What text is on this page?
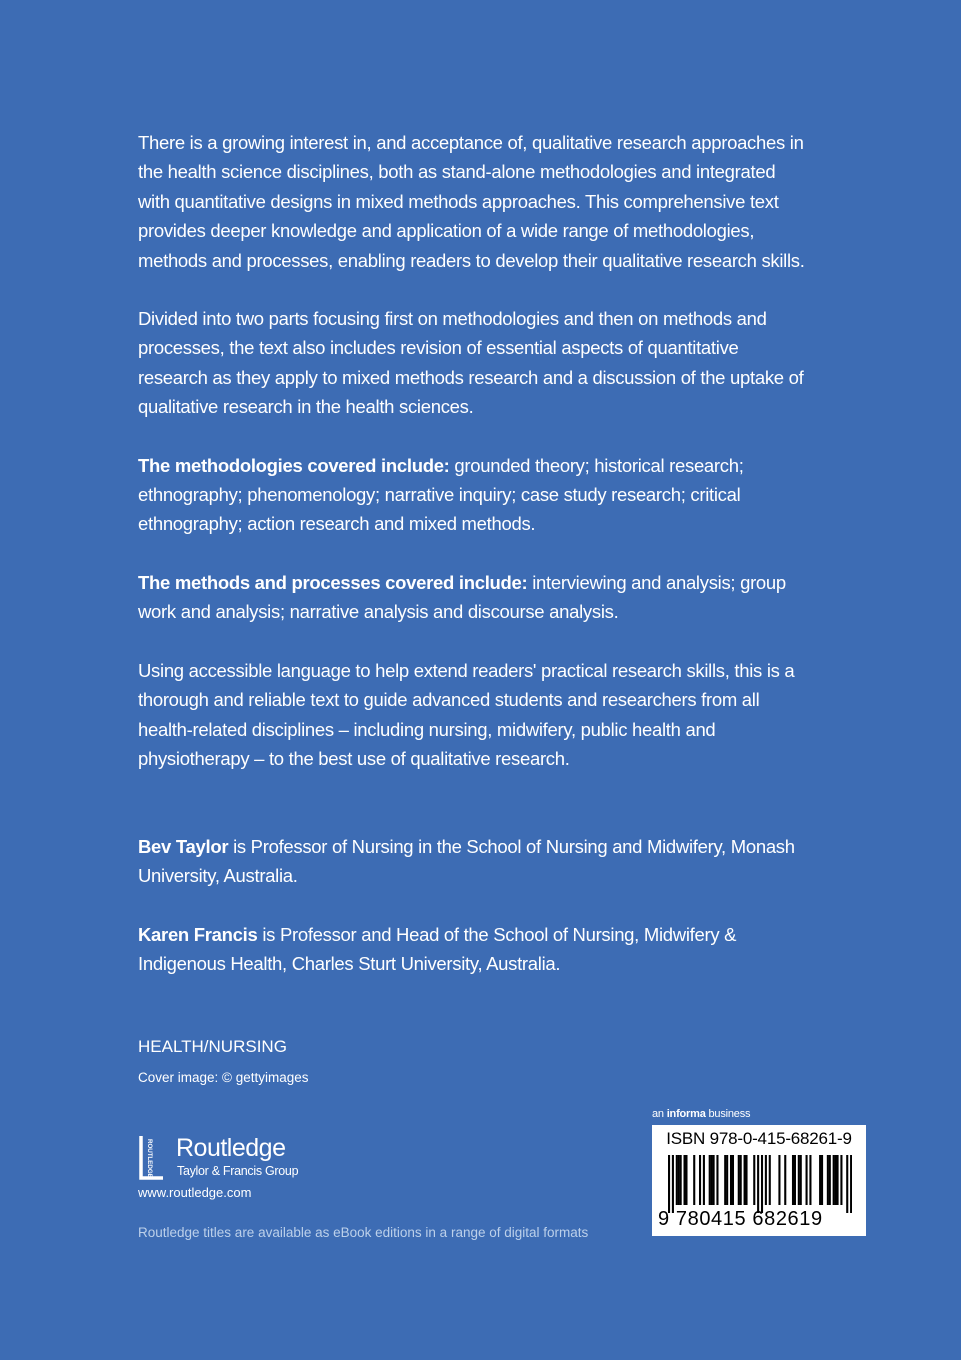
There is a growing interest in, and acceptance of, qualitative research approaches in the health science disciplines, both as stand-alone methodologies and integrated with quantitative designs in mixed methods approaches. This comprehensive text provides deeper knowledge and application of a wide range of methodologies, methods and processes, enabling readers to develop their qualitative research skills.

Divided into two parts focusing first on methodologies and then on methods and processes, the text also includes revision of essential aspects of quantitative research as they apply to mixed methods research and a discussion of the uptake of qualitative research in the health sciences.

The methodologies covered include: grounded theory; historical research; ethnography; phenomenology; narrative inquiry; case study research; critical ethnography; action research and mixed methods.

The methods and processes covered include: interviewing and analysis; group work and analysis; narrative analysis and discourse analysis.

Using accessible language to help extend readers' practical research skills, this is a thorough and reliable text to guide advanced students and researchers from all health-related disciplines – including nursing, midwifery, public health and physiotherapy – to the best use of qualitative research.

Bev Taylor is Professor of Nursing in the School of Nursing and Midwifery, Monash University, Australia.

Karen Francis is Professor and Head of the School of Nursing, Midwifery & Indigenous Health, Charles Sturt University, Australia.

HEALTH/NURSING
Cover image: © gettyimages
an informa business
ROUTLEDGE Routledge
Taylor & Francis Group
www.routledge.com
Routledge titles are available as eBook editions in a range of digital formats
ISBN 978-0-415-68261-9
9 780415 682619
